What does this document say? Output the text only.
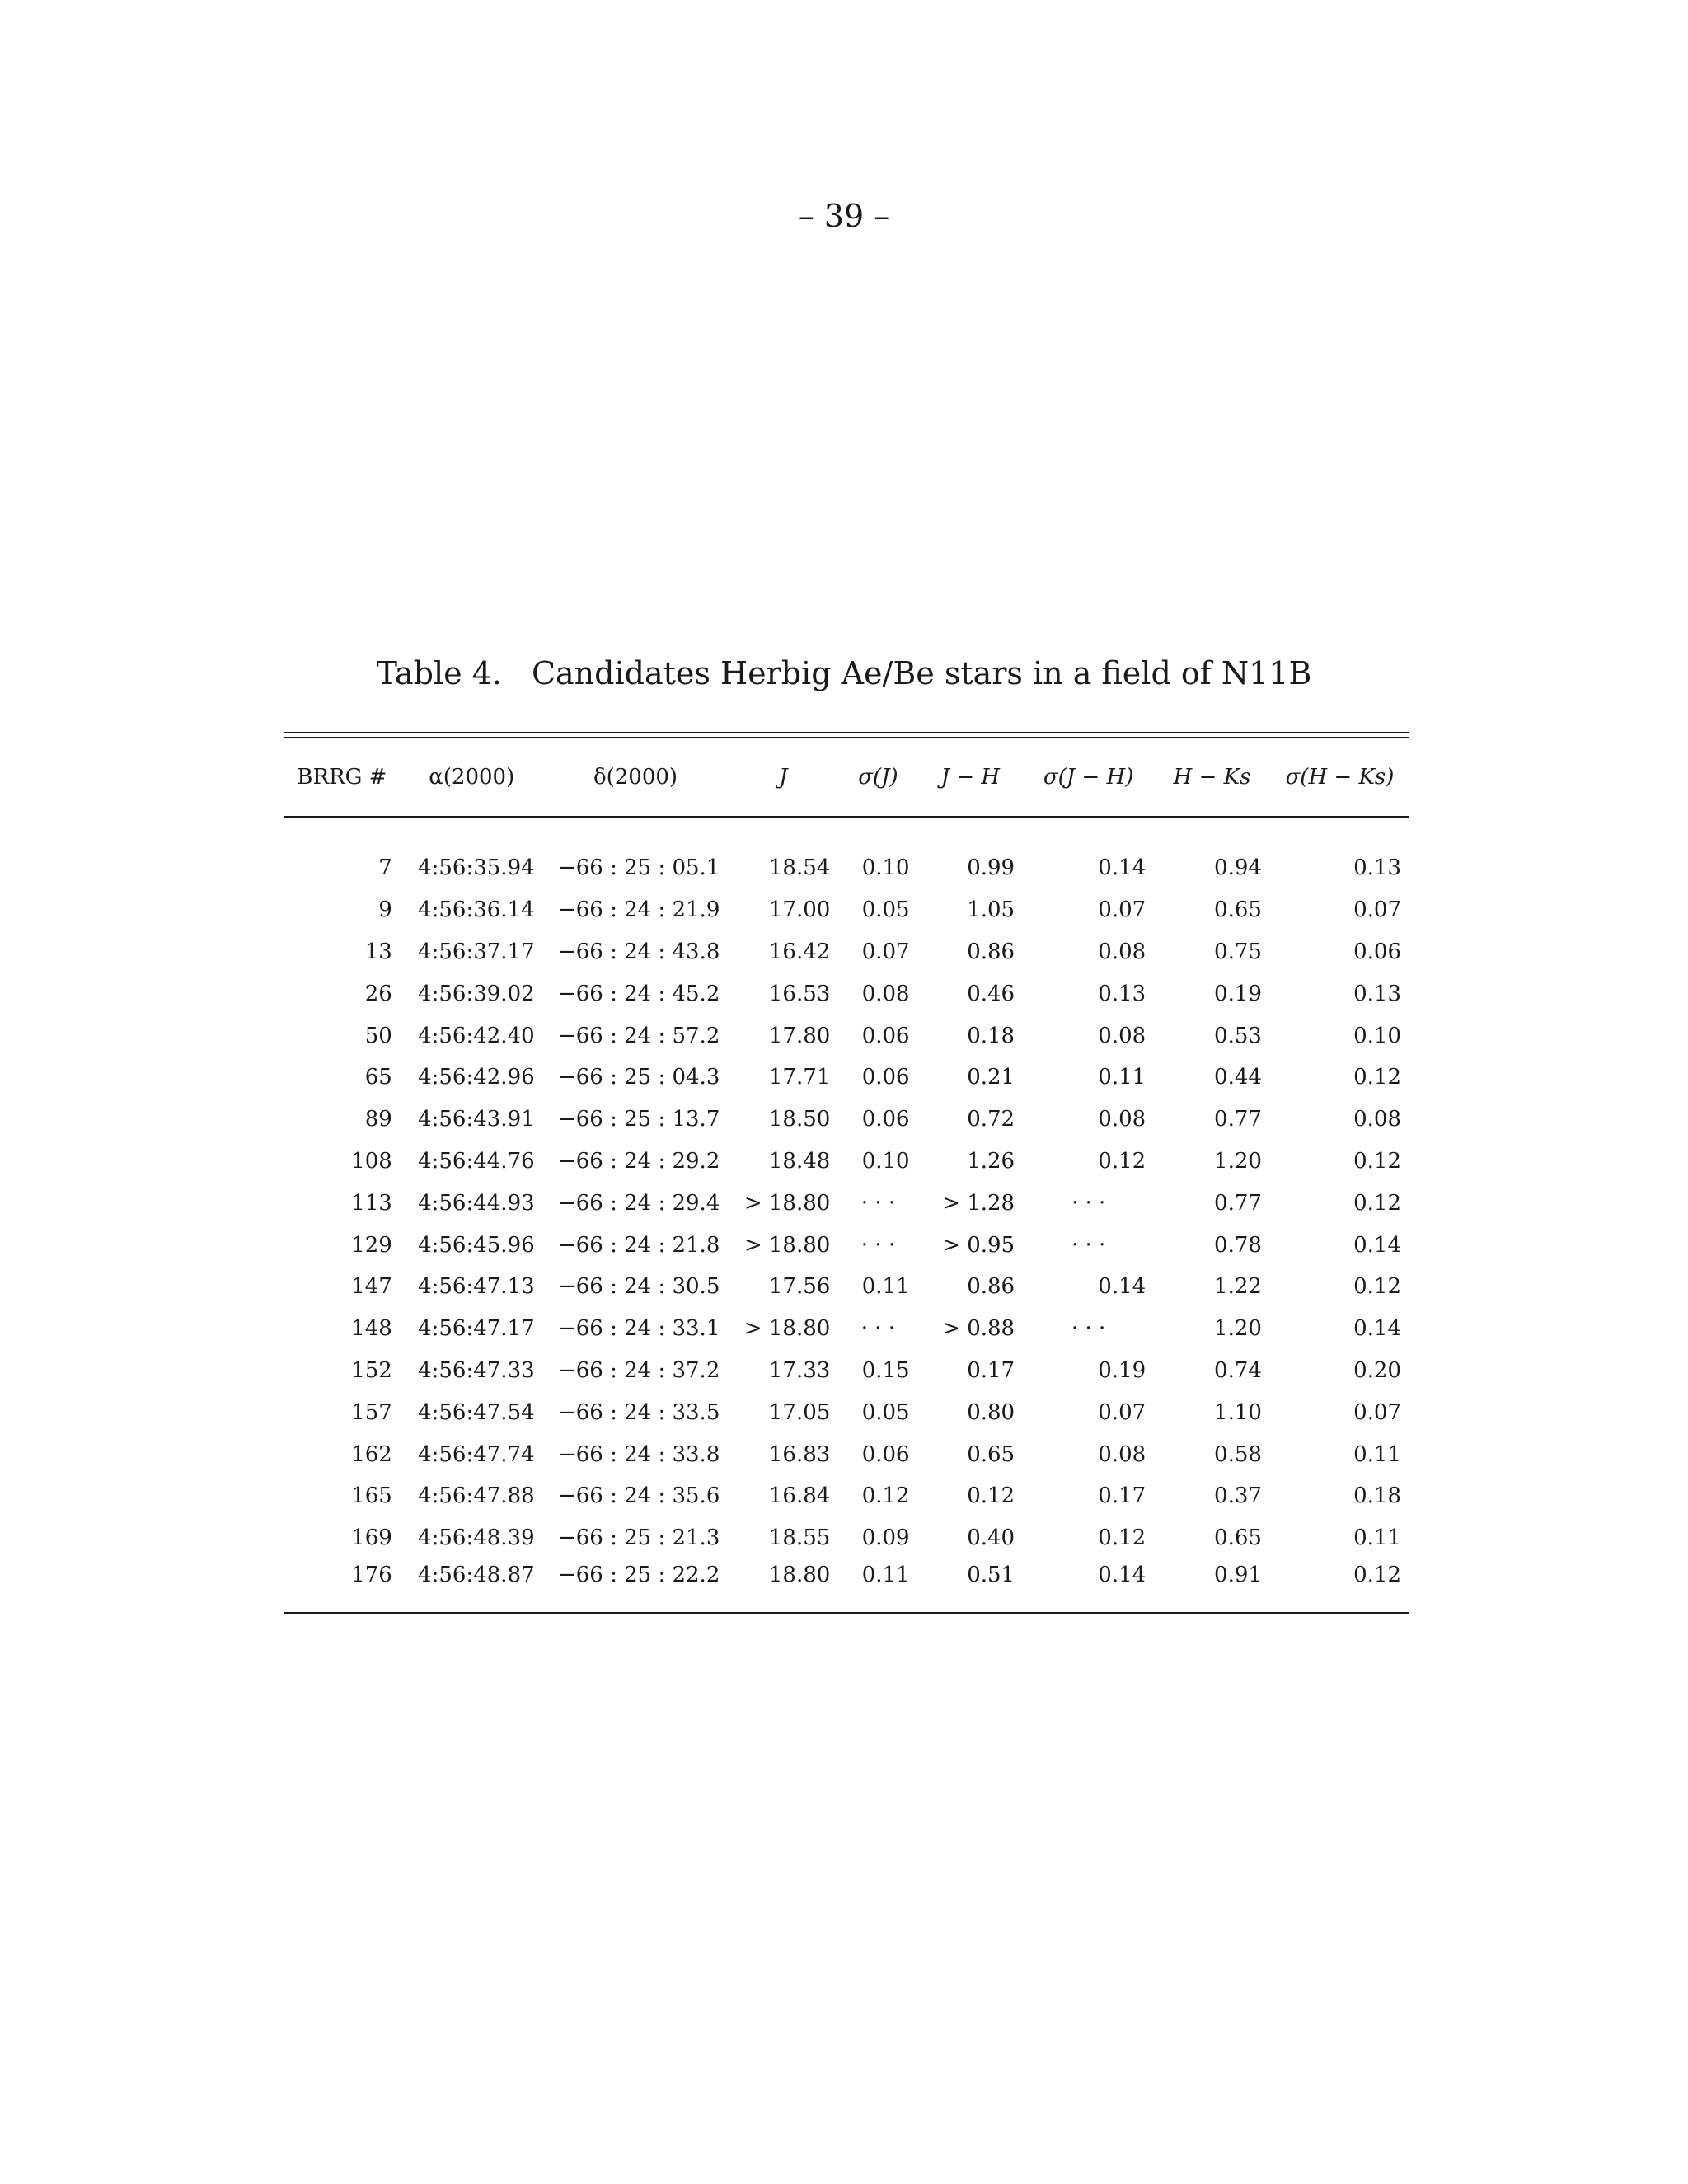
– 39 –
Table 4. Candidates Herbig Ae/Be stars in a field of N11B
BRRG #	α(2000)	δ(2000)	J	σ(J)	J − H	σ(J − H)	H − Ks	σ(H − Ks)

7	4:56:35.94	−66 : 25 : 05.1	18.54	0.10	0.99	0.14	0.94	0.13
9	4:56:36.14	−66 : 24 : 21.9	17.00	0.05	1.05	0.07	0.65	0.07
13	4:56:37.17	−66 : 24 : 43.8	16.42	0.07	0.86	0.08	0.75	0.06
26	4:56:39.02	−66 : 24 : 45.2	16.53	0.08	0.46	0.13	0.19	0.13
50	4:56:42.40	−66 : 24 : 57.2	17.80	0.06	0.18	0.08	0.53	0.10
65	4:56:42.96	−66 : 25 : 04.3	17.71	0.06	0.21	0.11	0.44	0.12
89	4:56:43.91	−66 : 25 : 13.7	18.50	0.06	0.72	0.08	0.77	0.08
108	4:56:44.76	−66 : 24 : 29.2	18.48	0.10	1.26	0.12	1.20	0.12
113	4:56:44.93	−66 : 24 : 29.4	> 18.80	· · ·	> 1.28	· · ·	0.77	0.12
129	4:56:45.96	−66 : 24 : 21.8	> 18.80	· · ·	> 0.95	· · ·	0.78	0.14
147	4:56:47.13	−66 : 24 : 30.5	17.56	0.11	0.86	0.14	1.22	0.12
148	4:56:47.17	−66 : 24 : 33.1	> 18.80	· · ·	> 0.88	· · ·	1.20	0.14
152	4:56:47.33	−66 : 24 : 37.2	17.33	0.15	0.17	0.19	0.74	0.20
157	4:56:47.54	−66 : 24 : 33.5	17.05	0.05	0.80	0.07	1.10	0.07
162	4:56:47.74	−66 : 24 : 33.8	16.83	0.06	0.65	0.08	0.58	0.11
165	4:56:47.88	−66 : 24 : 35.6	16.84	0.12	0.12	0.17	0.37	0.18
169	4:56:48.39	−66 : 25 : 21.3	18.55	0.09	0.40	0.12	0.65	0.11
176	4:56:48.87	−66 : 25 : 22.2	18.80	0.11	0.51	0.14	0.91	0.12
